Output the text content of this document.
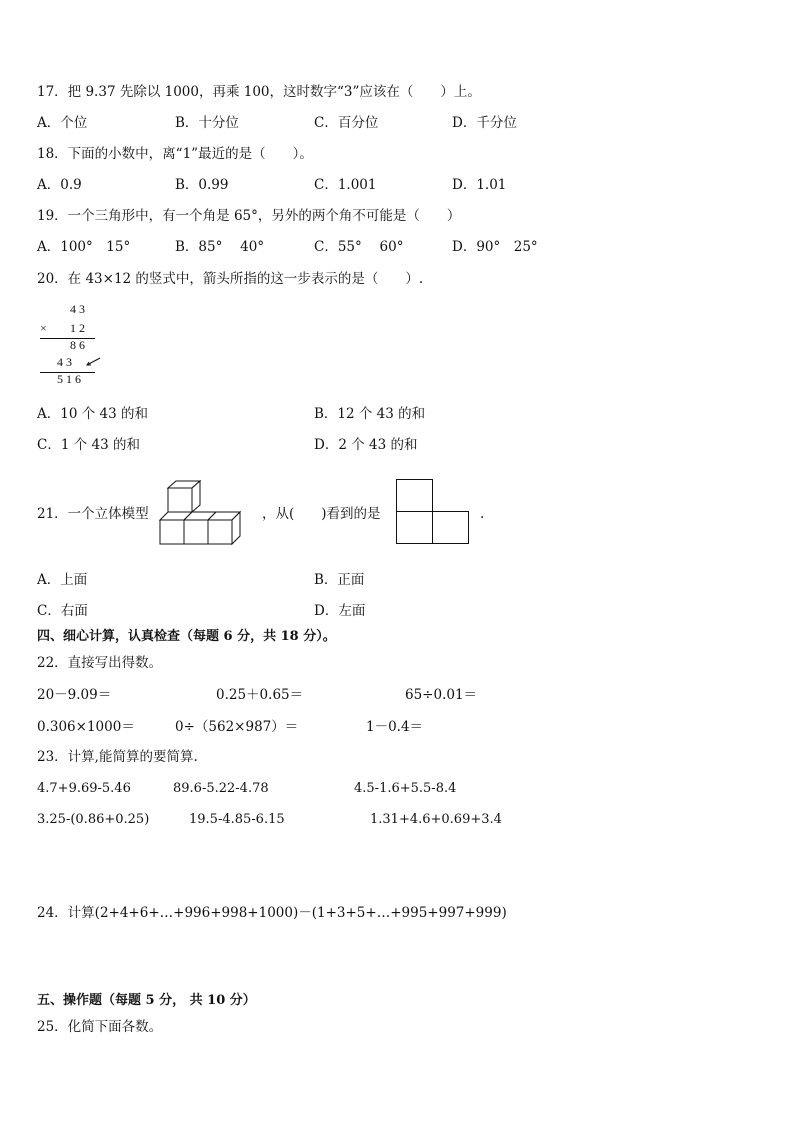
17．把 9.37 先除以 1000，再乘 100，这时数字“3”应该在（　　）上。
A．个位	B．十分位	C．百分位	D．千分位
18．下面的小数中，离“1”最近的是（　　）。
A．0.9	B．0.99	C．1.001	D．1.01
19．一个三角形中，有一个角是 65°，另外的两个角不可能是（　　）
A．100°　15°	B．85°　 40°	C．55°　 60°	D．90°　25°
20．在 43×12 的竖式中，箭头所指的这一步表示的是（　　）.
4 3
× 1 2
8 6
4 3
5 1 6
A．10 个 43 的和	B．12 个 43 的和
C．1 个 43 的和	D．2 个 43 的和
21．一个立体模型	，从(　　)看到的是	.
A．上面	B．正面
C．右面	D．左面
四、细心计算，认真检查（每题 6 分，共 18 分）。
22．直接写出得数。
20－9.09＝	0.25＋0.65＝	65÷0.01＝
0.306×1000＝	0÷（562×987）＝	1－0.4＝
23．计算,能简算的要简算.
4.7+9.69-5.46	89.6-5.22-4.78	4.5-1.6+5.5-8.4
3.25-(0.86+0.25)	19.5-4.85-6.15	1.31+4.6+0.69+3.4
24．计算(2+4+6+…+996+998+1000)－(1+3+5+…+995+997+999)
五、操作题（每题 5 分， 共 10 分）
25．化简下面各数。
